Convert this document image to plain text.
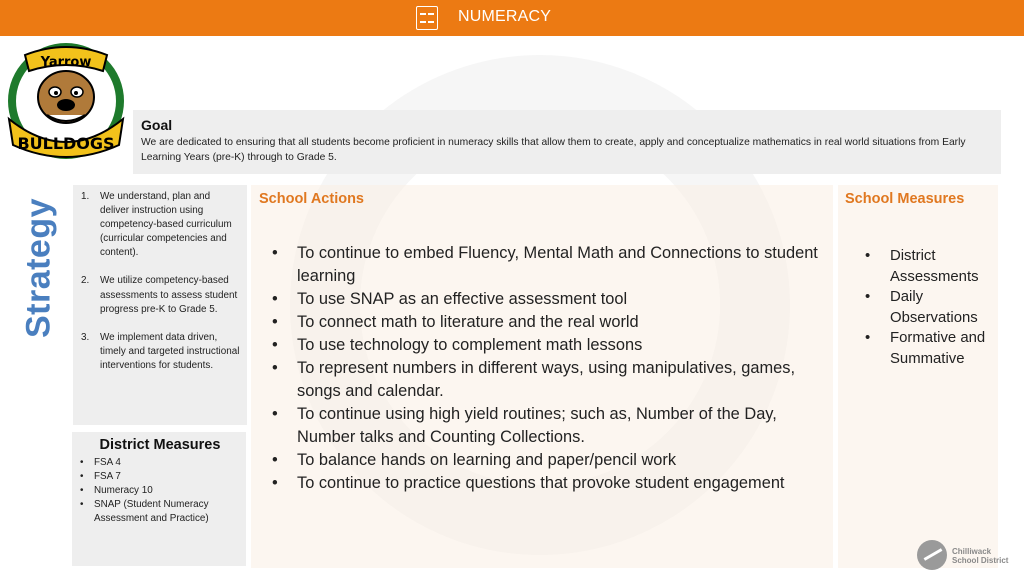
NUMERACY
Yarrow
BULLDOGS
Goal

We are dedicated to ensuring that all students become proficient in numeracy skills that allow them to create, apply and conceptualize mathematics in real world situations from Early Learning Years (pre-K) through to Grade 5.

Strategy
1. We understand, plan and deliver instruction using competency-based curriculum (curricular competencies and content).
2. We utilize competency-based assessments to assess student progress pre-K to Grade 5.
3. We implement data driven, timely and targeted instructional interventions for students.
District Measures
• FSA 4
• FSA 7
• Numeracy 10
• SNAP (Student Numeracy Assessment and Practice)
School Actions
• To continue to embed Fluency, Mental Math and Connections to student learning
• To use SNAP as an effective assessment tool
• To connect math to literature and the real world
• To use technology to complement math lessons
• To represent numbers in different ways, using manipulatives, games, songs and calendar.
• To continue using high yield routines; such as, Number of the Day, Number talks and Counting Collections.
• To balance hands on learning and paper/pencil work
• To continue to practice questions that provoke student engagement
School Measures
• District Assessments
• Daily Observations
• Formative and Summative
Chilliwack
School District
